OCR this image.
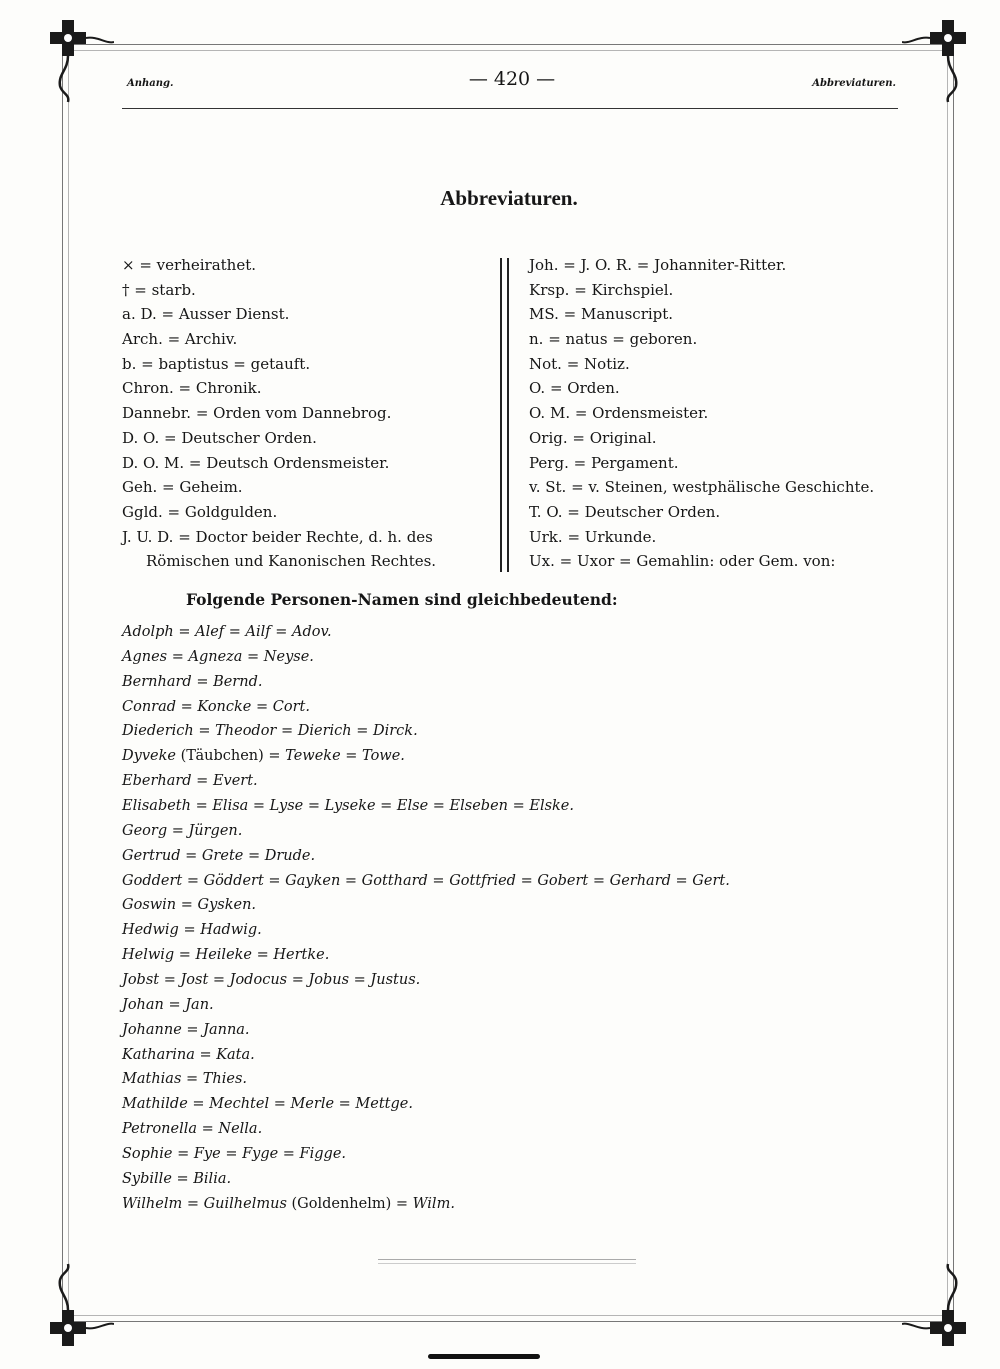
Anhang.	— 420 —	Abbreviaturen.
Abbreviaturen.
× = verheirathet.
† = starb.
a. D. = Ausser Dienst.
Arch. = Archiv.
b. = baptistus = getauft.
Chron. = Chronik.
Dannebr. = Orden vom Dannebrog.
D. O. = Deutscher Orden.
D. O. M. = Deutsch Ordensmeister.
Geh. = Geheim.
Ggld. = Goldgulden.
J. U. D. = Doctor beider Rechte, d. h. des
Römischen und Kanonischen Rechtes.
Joh. = J. O. R. = Johanniter-Ritter.
Krsp. = Kirchspiel.
MS. = Manuscript.
n. = natus = geboren.
Not. = Notiz.
O. = Orden.
O. M. = Ordensmeister.
Orig. = Original.
Perg. = Pergament.
v. St. = v. Steinen, westphälische Geschichte.
T. O. = Deutscher Orden.
Urk. = Urkunde.
Ux. = Uxor = Gemahlin: oder Gem. von:
Folgende Personen-Namen sind gleichbedeutend:
Adolph = Alef = Ailf = Adov.
Agnes = Agneza = Neyse.
Bernhard = Bernd.
Conrad = Koncke = Cort.
Diederich = Theodor = Dierich = Dirck.
Dyveke (Täubchen) = Teweke = Towe.
Eberhard = Evert.
Elisabeth = Elisa = Lyse = Lyseke = Else = Elseben = Elske.
Georg = Jürgen.
Gertrud = Grete = Drude.
Goddert = Göddert = Gayken = Gotthard = Gottfried = Gobert = Gerhard = Gert.
Goswin = Gysken.
Hedwig = Hadwig.
Helwig = Heileke = Hertke.
Jobst = Jost = Jodocus = Jobus = Justus.
Johan = Jan.
Johanne = Janna.
Katharina = Kata.
Mathias = Thies.
Mathilde = Mechtel = Merle = Mettge.
Petronella = Nella.
Sophie = Fye = Fyge = Figge.
Sybille = Bilia.
Wilhelm = Guilhelmus (Goldenhelm) = Wilm.
